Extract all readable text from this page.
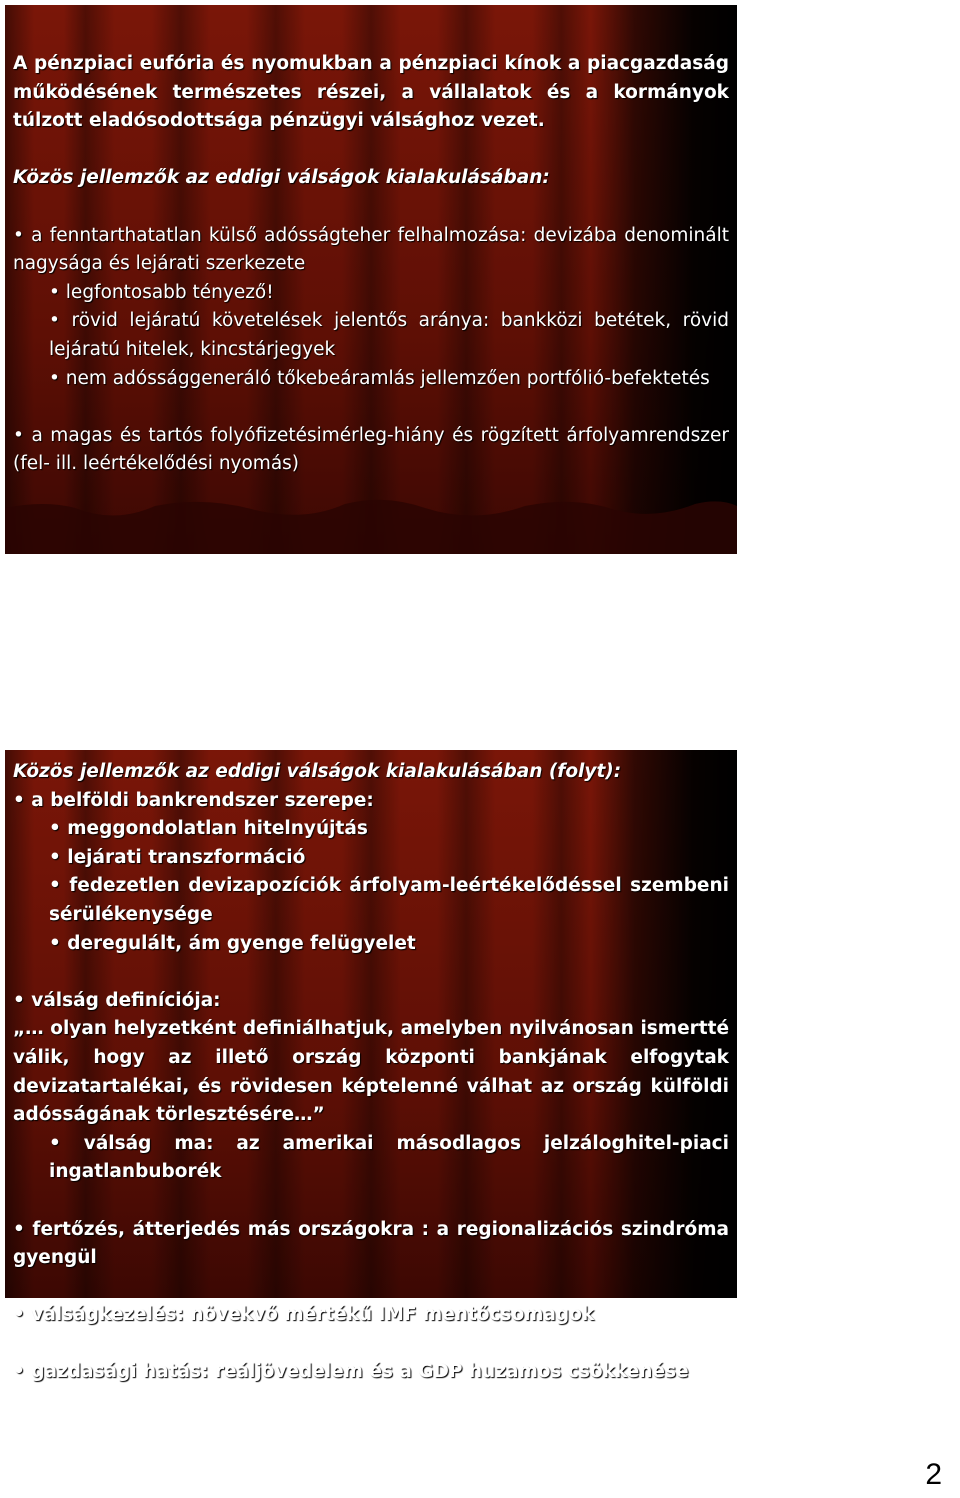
A pénzpiaci eufória és nyomukban a pénzpiaci kínok a piacgazdaság működésének természetes részei, a vállalatok és a kormányok túlzott eladósodottsága pénzügyi válsághoz vezet.
Közös jellemzők az eddigi válságok kialakulásában:
• a fenntarthatatlan külső adósságteher felhalmozása: devizába denominált nagysága és lejárati szerkezete
• legfontosabb tényező!
• rövid lejáratú követelések jelentős aránya: bankközi betétek, rövid lejáratú hitelek, kincstárjegyek
• nem adóssággeneráló tőkebeáramlás jellemzően portfólió-befektetés
• a magas és tartós folyófizetésimérleg-hiány és rögzített árfolyamrendszer (fel- ill. leértékelődési nyomás)
Közös jellemzők az eddigi válságok kialakulásában (folyt):
• a belföldi bankrendszer szerepe:
• meggondolatlan hitelnyújtás
• lejárati transzformáció
• fedezetlen devizapozíciók árfolyam-leértékelődéssel szembeni sérülékenysége
• deregulált, ám gyenge felügyelet
• válság definíciója:
„… olyan helyzetként definiálhatjuk, amelyben nyilvánosan ismertté válik, hogy az illető ország központi bankjának elfogytak devizatartalékai, és rövidesen képtelenné válhat az ország külföldi adósságának törlesztésére…”
• válság ma: az amerikai másodlagos jelzáloghitel-piaci ingatlanbuborék
• fertőzés, átterjedés más országokra : a regionalizációs szindróma gyengül
• válságkezelés: növekvő mértékű IMF mentőcsomagok
• gazdasági hatás: reáljövedelem és a GDP huzamos csökkenése
2
